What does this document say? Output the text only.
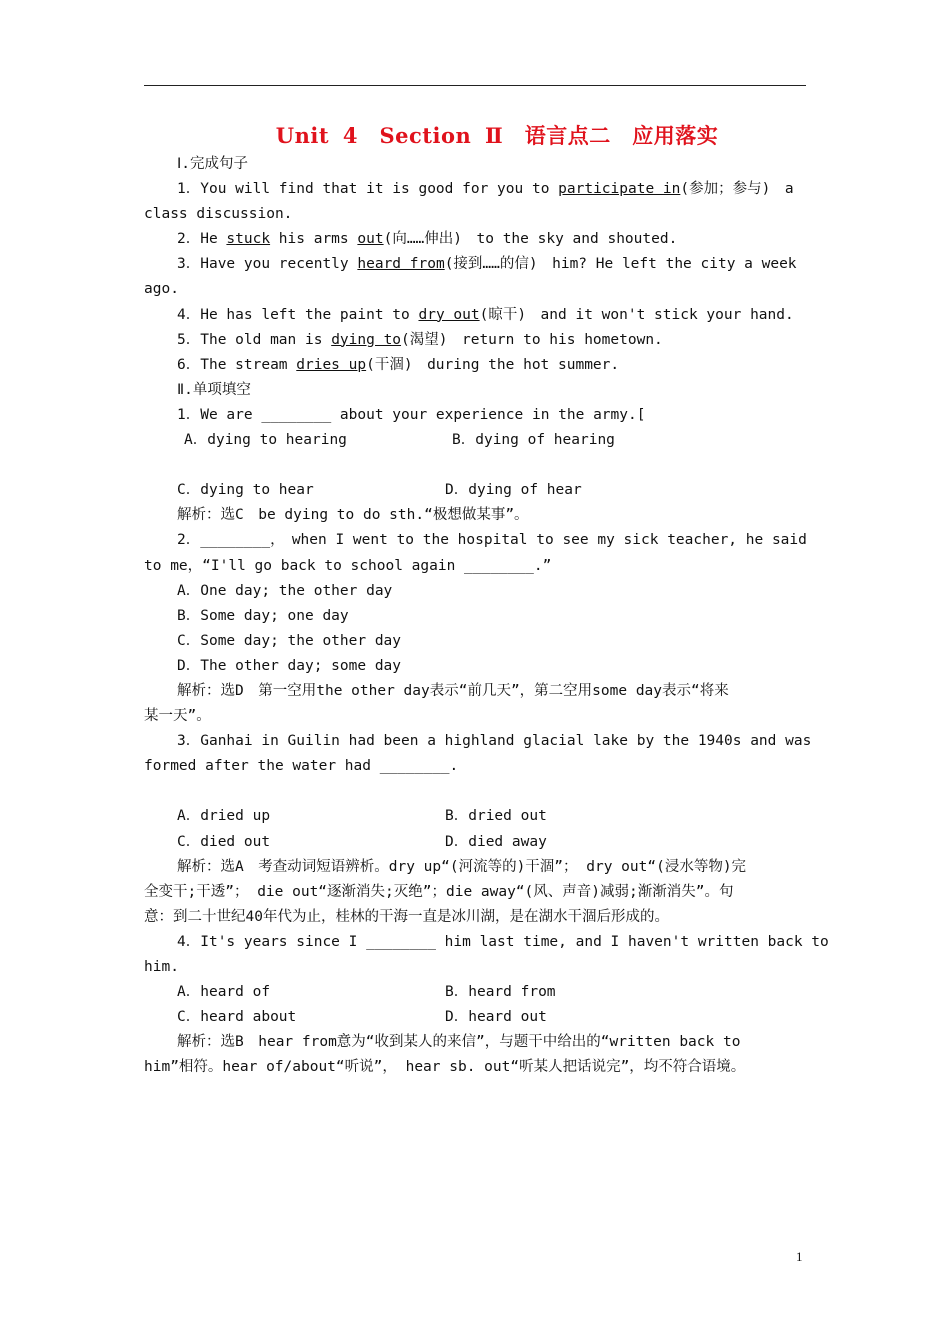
Unit 4　Section Ⅱ　语言点二　应用落实

Ⅰ.完成句子

1．You will find that it is good for you to participate in(参加；参与)　a

class discussion.

2．He stuck his arms out(向……伸出)　to the sky and shouted.

3．Have you recently heard from(接到……的信)　him? He left the city a week

ago.

4．He has left the paint to dry out(晾干)　and it won't stick your hand.

5．The old man is dying to(渴望)　return to his hometown.

6．The stream dries up(干涸)　during the hot summer.

Ⅱ.单项填空

1．We are ________ about your experience in the army.[

A．dying to hearing	B．dying of hearing

C．dying to hear	D．dying of hear

解析：选C　be dying to do sth.“极想做某事”。

2．________，　when I went to the hospital to see my sick teacher, he said

to me，“I'll go back to school again ________.”

A．One day; the other day

B．Some day; one day

C．Some day; the other day

D．The other day; some day

解析：选D　第一空用the other day表示“前几天”，第二空用some day表示“将来

某一天”。

3．Ganhai in Guilin had been a highland glacial lake by the 1940s and was

formed after the water had ________.

A．dried up	B．dried out

C．died out	D．died away

解析：选A　考查动词短语辨析。dry up“(河流等的)干涸”； dry out“(浸水等物)完

全变干;干透”； die out“逐渐消失;灭绝”；die away“(风、声音)减弱;渐渐消失”。句

意：到二十世纪40年代为止，桂林的干海一直是冰川湖，是在湖水干涸后形成的。

4．It's years since I ________ him last time, and I haven't written back to

him.

A．heard of	B．heard from

C．heard about	D．heard out

解析：选B　hear from意为“收到某人的来信”，与题干中给出的“written back to

him”相符。hear of/about“听说”， hear sb. out“听某人把话说完”，均不符合语境。

1
